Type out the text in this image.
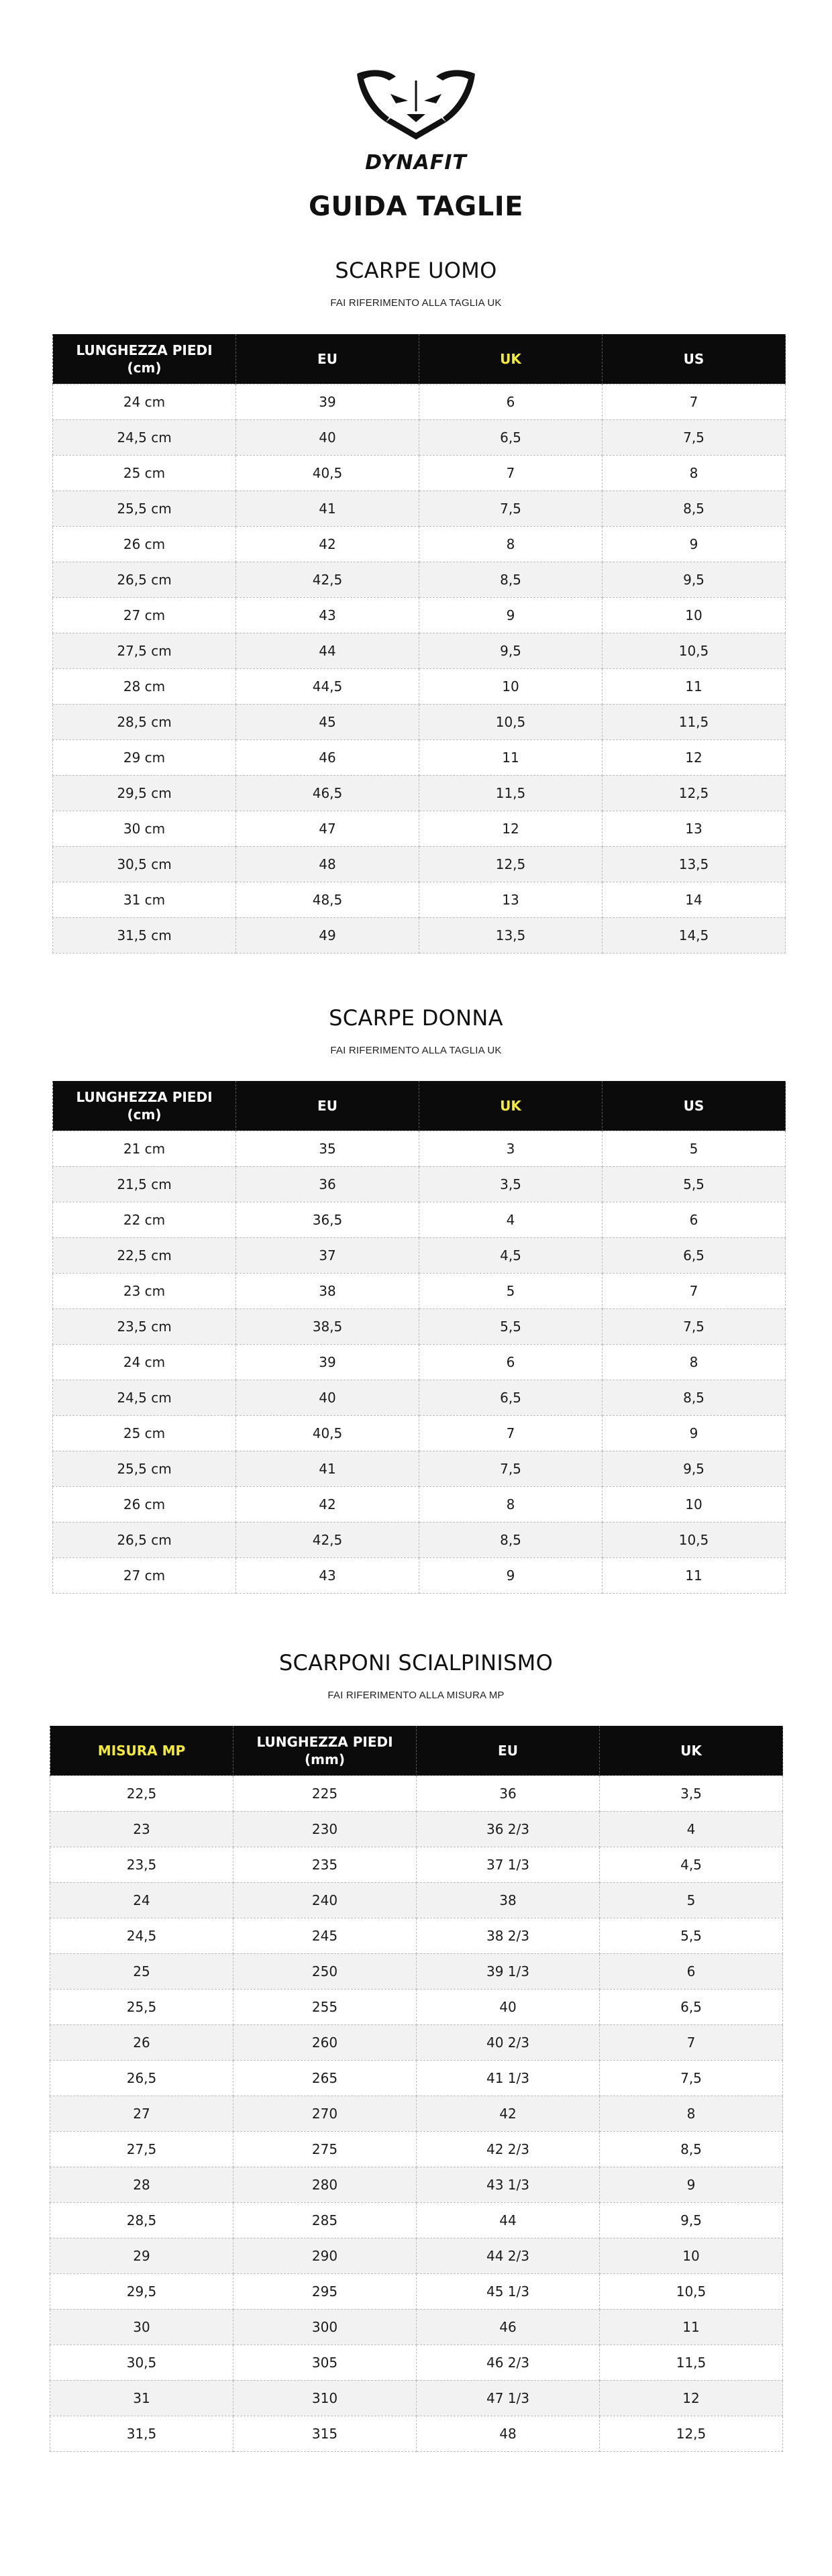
DYNAFIT
GUIDA TAGLIE
SCARPE UOMO
FAI RIFERIMENTO ALLA TAGLIA UK
LUNGHEZZA PIEDI (cm)	EU	UK	US
24 cm	39	6	7
24,5 cm	40	6,5	7,5
25 cm	40,5	7	8
25,5 cm	41	7,5	8,5
26 cm	42	8	9
26,5 cm	42,5	8,5	9,5
27 cm	43	9	10
27,5 cm	44	9,5	10,5
28 cm	44,5	10	11
28,5 cm	45	10,5	11,5
29 cm	46	11	12
29,5 cm	46,5	11,5	12,5
30 cm	47	12	13
30,5 cm	48	12,5	13,5
31 cm	48,5	13	14
31,5 cm	49	13,5	14,5
SCARPE DONNA
FAI RIFERIMENTO ALLA TAGLIA UK
LUNGHEZZA PIEDI (cm)	EU	UK	US
21 cm	35	3	5
21,5 cm	36	3,5	5,5
22 cm	36,5	4	6
22,5 cm	37	4,5	6,5
23 cm	38	5	7
23,5 cm	38,5	5,5	7,5
24 cm	39	6	8
24,5 cm	40	6,5	8,5
25 cm	40,5	7	9
25,5 cm	41	7,5	9,5
26 cm	42	8	10
26,5 cm	42,5	8,5	10,5
27 cm	43	9	11
SCARPONI SCIALPINISMO
FAI RIFERIMENTO ALLA MISURA MP
MISURA MP	LUNGHEZZA PIEDI (mm)	EU	UK
22,5	225	36	3,5
23	230	36 2/3	4
23,5	235	37 1/3	4,5
24	240	38	5
24,5	245	38 2/3	5,5
25	250	39 1/3	6
25,5	255	40	6,5
26	260	40 2/3	7
26,5	265	41 1/3	7,5
27	270	42	8
27,5	275	42 2/3	8,5
28	280	43 1/3	9
28,5	285	44	9,5
29	290	44 2/3	10
29,5	295	45 1/3	10,5
30	300	46	11
30,5	305	46 2/3	11,5
31	310	47 1/3	12
31,5	315	48	12,5
